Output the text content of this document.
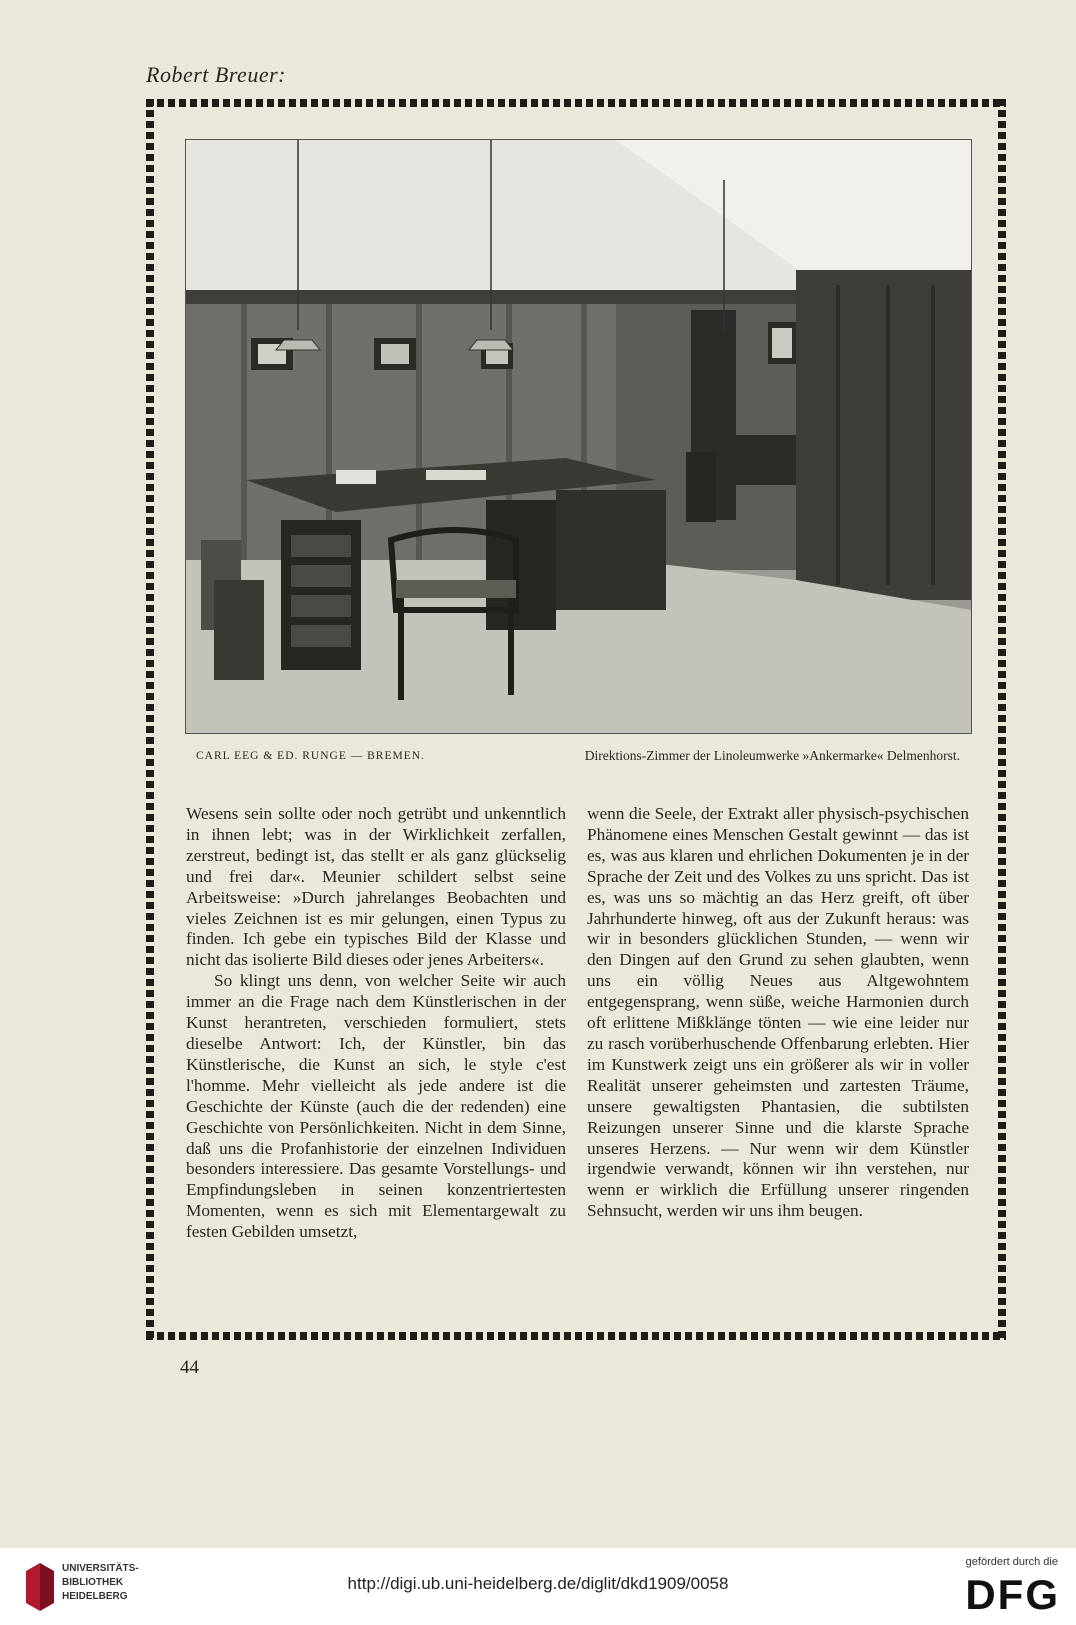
Robert Breuer:
CARL EEG & ED. RUNGE — BREMEN.	Direktions-Zimmer der Linoleumwerke »Ankermarke« Delmenhorst.

Wesens sein sollte oder noch getrübt und unkenntlich in ihnen lebt; was in der Wirklichkeit zerfallen, zerstreut, bedingt ist, das stellt er als ganz glückselig und frei dar«. Meunier schildert selbst seine Arbeitsweise: »Durch jahrelanges Beobachten und vieles Zeichnen ist es mir gelungen, einen Typus zu finden. Ich gebe ein typisches Bild der Klasse und nicht das isolierte Bild dieses oder jenes Arbeiters«.

So klingt uns denn, von welcher Seite wir auch immer an die Frage nach dem Künstlerischen in der Kunst herantreten, verschieden formuliert, stets dieselbe Antwort: Ich, der Künstler, bin das Künstlerische, die Kunst an sich, le style c'est l'homme. Mehr vielleicht als jede andere ist die Geschichte der Künste (auch die der redenden) eine Geschichte von Persönlichkeiten. Nicht in dem Sinne, daß uns die Profanhistorie der einzelnen Individuen besonders interessiere. Das gesamte Vorstellungs- und Empfindungsleben in seinen konzentriertesten Momenten, wenn es sich mit Elementargewalt zu festen Gebilden umsetzt,

wenn die Seele, der Extrakt aller physisch-psychischen Phänomene eines Menschen Gestalt gewinnt — das ist es, was aus klaren und ehrlichen Dokumenten je in der Sprache der Zeit und des Volkes zu uns spricht. Das ist es, was uns so mächtig an das Herz greift, oft über Jahrhunderte hinweg, oft aus der Zukunft heraus: was wir in besonders glücklichen Stunden, — wenn wir den Dingen auf den Grund zu sehen glaubten, wenn uns ein völlig Neues aus Altgewohntem entgegensprang, wenn süße, weiche Harmonien durch oft erlittene Mißklänge tönten — wie eine leider nur zu rasch vorüberhuschende Offenbarung erlebten. Hier im Kunstwerk zeigt uns ein größerer als wir in voller Realität unserer geheimsten und zartesten Träume, unsere gewaltigsten Phantasien, die subtilsten Reizungen unserer Sinne und die klarste Sprache unseres Herzens. — Nur wenn wir dem Künstler irgendwie verwandt, können wir ihn verstehen, nur wenn er wirklich die Erfüllung unserer ringenden Sehnsucht, werden wir uns ihm beugen.

44
UNIVERSITÄTS-
BIBLIOTHEK
HEIDELBERG
http://digi.ub.uni-heidelberg.de/diglit/dkd1909/0058
gefördert durch die
DFG
